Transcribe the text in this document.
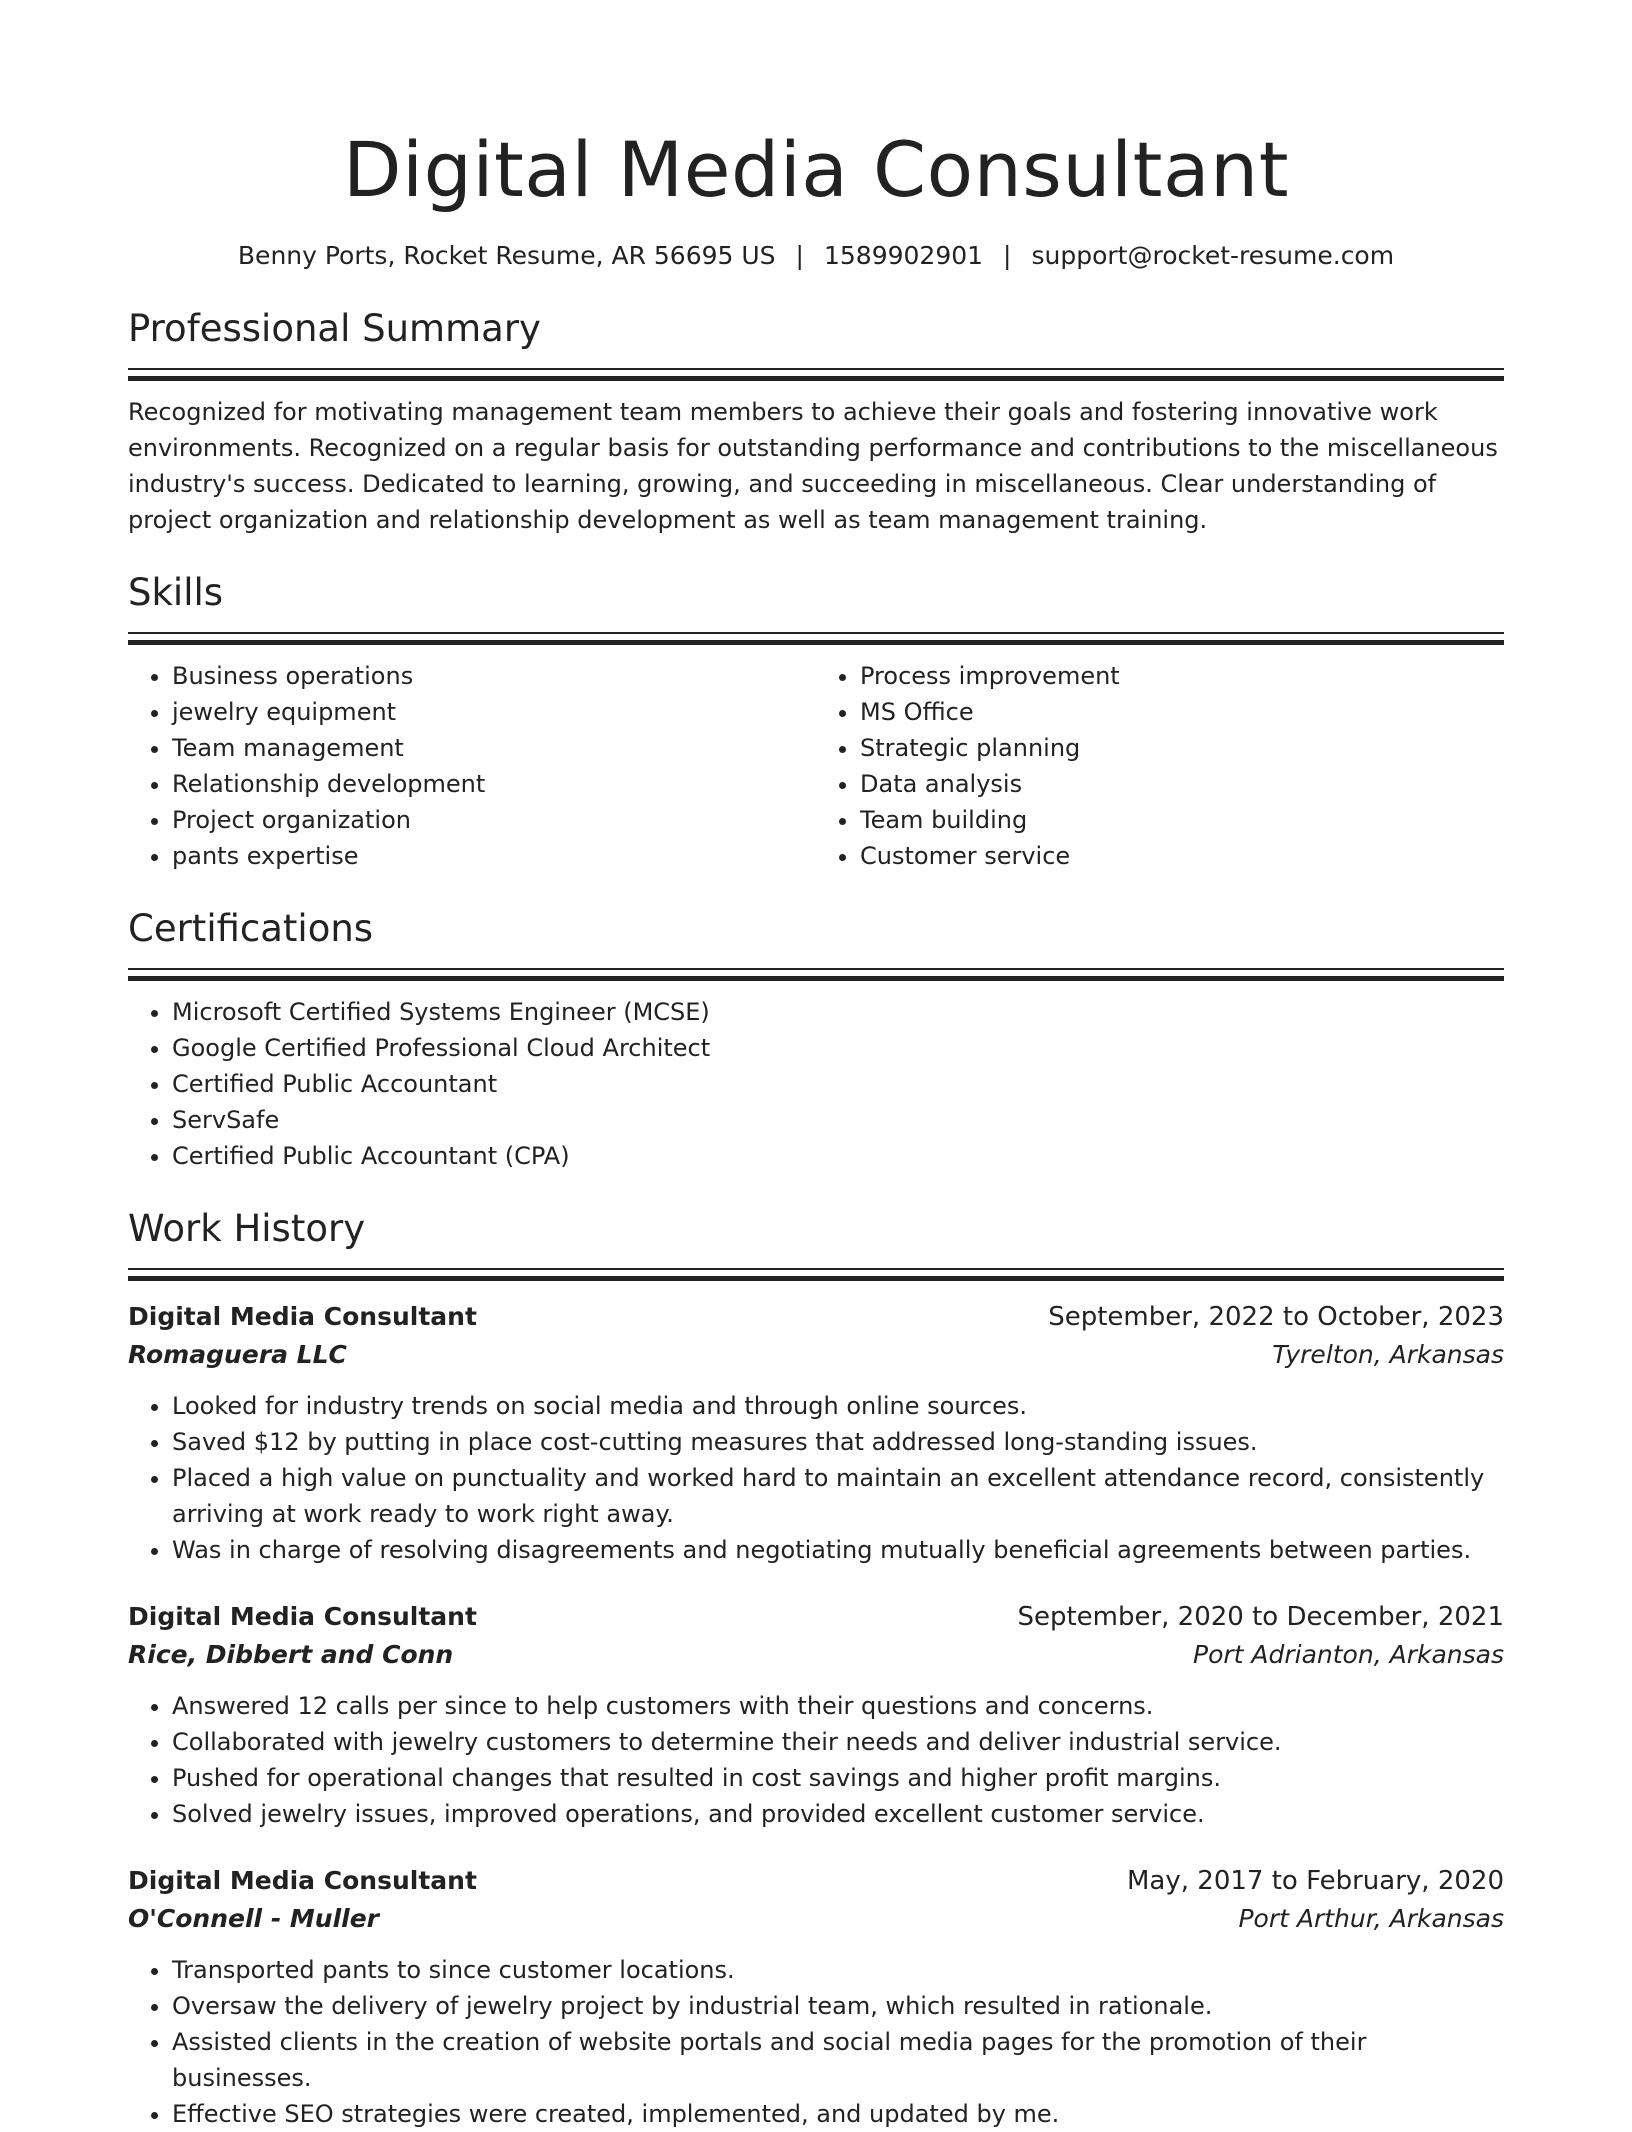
Digital Media Consultant
Benny Ports, Rocket Resume, AR 56695 US | 1589902901 | support@rocket-resume.com
Professional Summary
Recognized for motivating management team members to achieve their goals and fostering innovative work environments. Recognized on a regular basis for outstanding performance and contributions to the miscellaneous industry's success. Dedicated to learning, growing, and succeeding in miscellaneous. Clear understanding of project organization and relationship development as well as team management training.
Skills
• Business operations
• jewelry equipment
• Team management
• Relationship development
• Project organization
• pants expertise
• Process improvement
• MS Office
• Strategic planning
• Data analysis
• Team building
• Customer service
Certifications
• Microsoft Certified Systems Engineer (MCSE)
• Google Certified Professional Cloud Architect
• Certified Public Accountant
• ServSafe
• Certified Public Accountant (CPA)
Work History
Digital Media Consultant	September, 2022 to October, 2023
Romaguera LLC	Tyrelton, Arkansas
• Looked for industry trends on social media and through online sources.
• Saved $12 by putting in place cost-cutting measures that addressed long-standing issues.
• Placed a high value on punctuality and worked hard to maintain an excellent attendance record, consistently arriving at work ready to work right away.
• Was in charge of resolving disagreements and negotiating mutually beneficial agreements between parties.
Digital Media Consultant	September, 2020 to December, 2021
Rice, Dibbert and Conn	Port Adrianton, Arkansas
• Answered 12 calls per since to help customers with their questions and concerns.
• Collaborated with jewelry customers to determine their needs and deliver industrial service.
• Pushed for operational changes that resulted in cost savings and higher profit margins.
• Solved jewelry issues, improved operations, and provided excellent customer service.
Digital Media Consultant	May, 2017 to February, 2020
O'Connell - Muller	Port Arthur, Arkansas
• Transported pants to since customer locations.
• Oversaw the delivery of jewelry project by industrial team, which resulted in rationale.
• Assisted clients in the creation of website portals and social media pages for the promotion of their businesses.
• Effective SEO strategies were created, implemented, and updated by me.
